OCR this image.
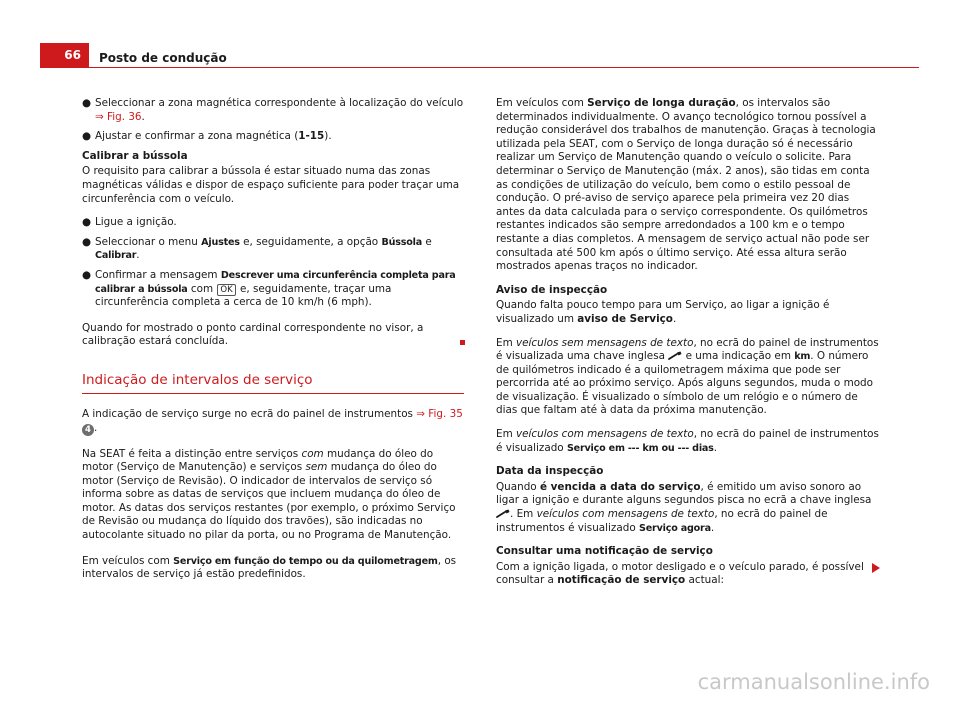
66	Posto de condução
● Seleccionar a zona magnética correspondente à localização do veículo
⇒ Fig. 36.
● Ajustar e confirmar a zona magnética (1-15).
Calibrar a bússola

O requisito para calibrar a bússola é estar situado numa das zonas magnéticas válidas e dispor de espaço suficiente para poder traçar uma circunferência com o veículo.

● Ligue a ignição.
● Seleccionar o menu Ajustes e, seguidamente, a opção Bússola e Calibrar.
● Confirmar a mensagem Descrever uma circunferência completa para calibrar a bússola com OK e, seguidamente, traçar uma circunferência completa a cerca de 10 km/h (6 mph).

Quando for mostrado o ponto cardinal correspondente no visor, a calibração estará concluída.

Indicação de intervalos de serviço

A indicação de serviço surge no ecrã do painel de instrumentos ⇒ Fig. 35
4 .

Na SEAT é feita a distinção entre serviços com mudança do óleo do motor (Serviço de Manutenção) e serviços sem mudança do óleo do motor (Serviço de Revisão). O indicador de intervalos de serviço só informa sobre as datas de serviços que incluem mudança do óleo de motor. As datas dos serviços restantes (por exemplo, o próximo Serviço de Revisão ou mudança do líquido dos travões), são indicadas no autocolante situado no pilar da porta, ou no Programa de Manutenção.

Em veículos com Serviço em função do tempo ou da quilometragem, os intervalos de serviço já estão predefinidos.

Em veículos com Serviço de longa duração, os intervalos são determinados individualmente. O avanço tecnológico tornou possível a redução considerável dos trabalhos de manutenção. Graças à tecnologia utilizada pela SEAT, com o Serviço de longa duração só é necessário realizar um Serviço de Manutenção quando o veículo o solicite. Para determinar o Serviço de Manutenção (máx. 2 anos), são tidas em conta as condições de utilização do veículo, bem como o estilo pessoal de condução. O pré-aviso de serviço aparece pela primeira vez 20 dias antes da data calculada para o serviço correspondente. Os quilómetros restantes indicados são sempre arredondados a 100 km e o tempo restante a dias completos. A mensagem de serviço actual não pode ser consultada até 500 km após o último serviço. Até essa altura serão mostrados apenas traços no indicador.

Aviso de inspecção

Quando falta pouco tempo para um Serviço, ao ligar a ignição é visualizado um aviso de Serviço.

Em veículos sem mensagens de texto, no ecrã do painel de instrumentos é visualizada uma chave inglesa  e uma indicação em km. O número de quilómetros indicado é a quilometragem máxima que pode ser percorrida até ao próximo serviço. Após alguns segundos, muda o modo de visualização. É visualizado o símbolo de um relógio e o número de dias que faltam até à data da próxima manutenção.

Em veículos com mensagens de texto, no ecrã do painel de instrumentos é visualizado Serviço em --- km ou --- dias.

Data da inspecção

Quando é vencida a data do serviço, é emitido um aviso sonoro ao ligar a ignição e durante alguns segundos pisca no ecrã a chave inglesa . Em veículos com mensagens de texto, no ecrã do painel de instrumentos é visualizado Serviço agora.

Consultar uma notificação de serviço

Com a ignição ligada, o motor desligado e o veículo parado, é possível consultar a notificação de serviço actual:

carmanualsonline.info
